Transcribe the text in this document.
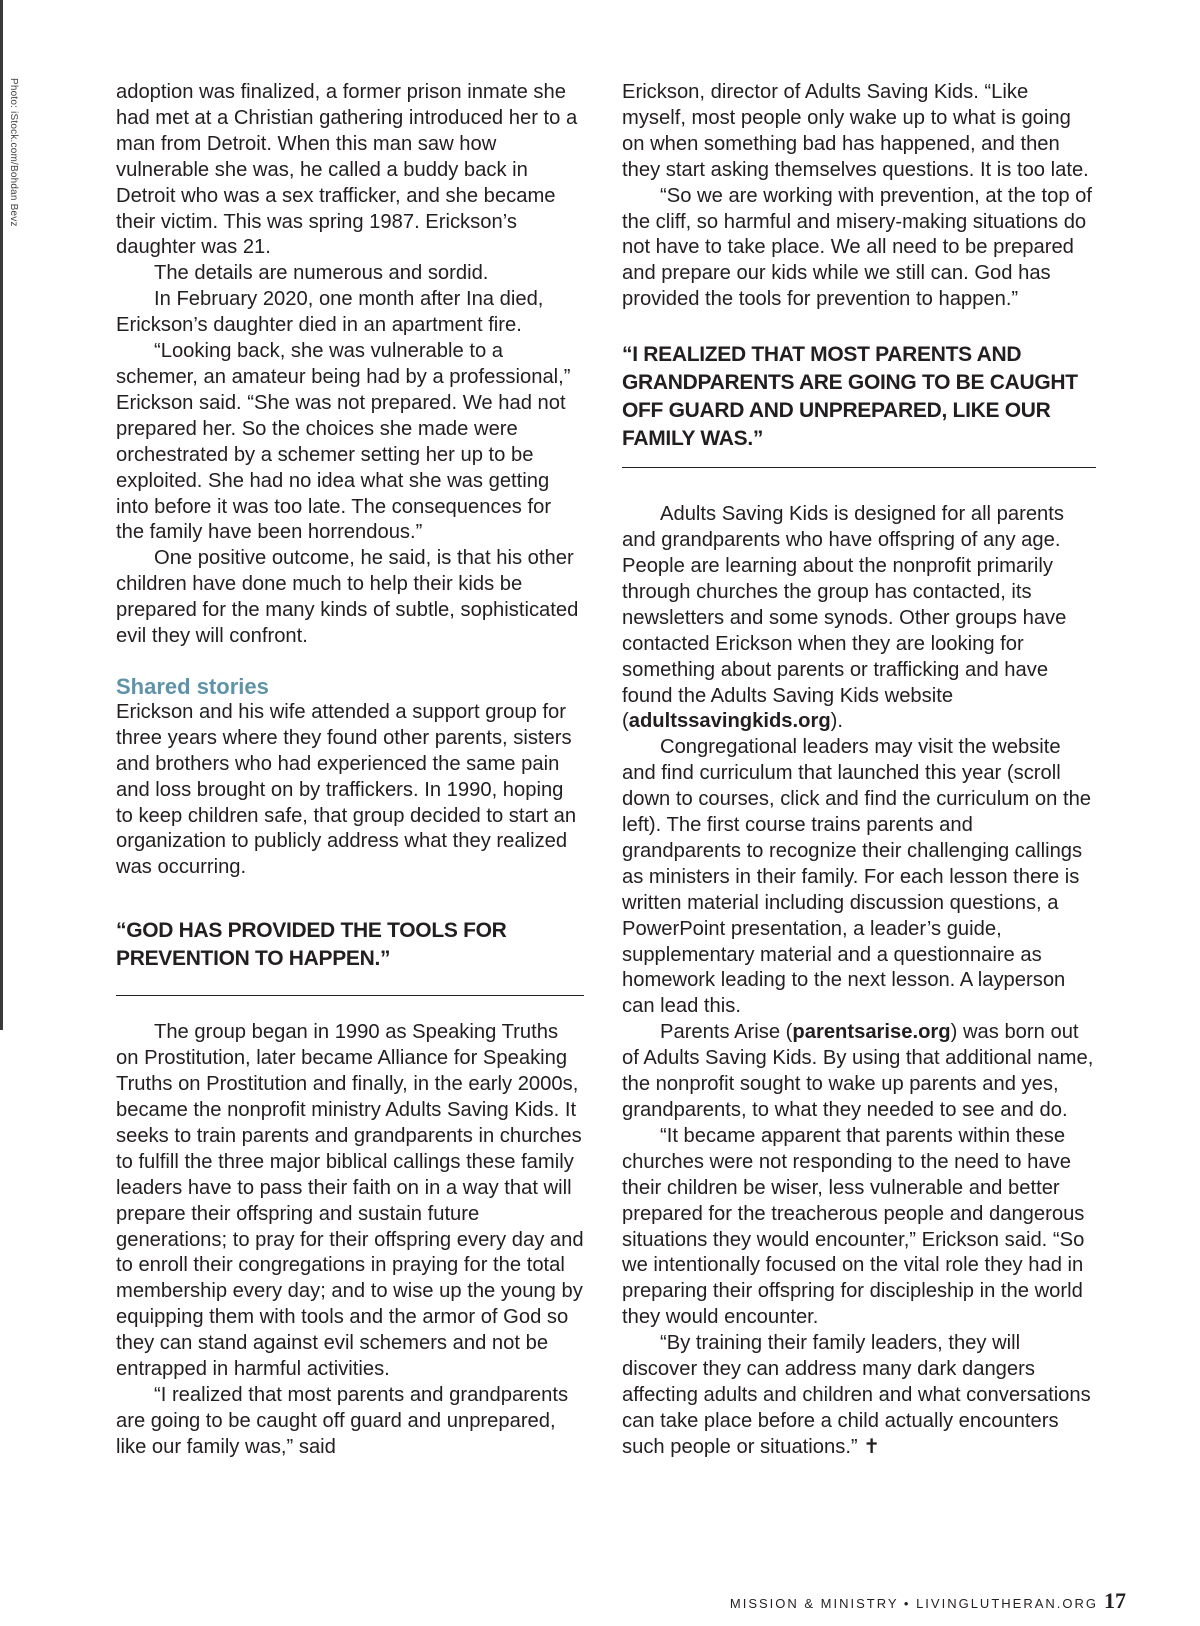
Photo: iStock.com/Bohdan Bevz	adoption was finalized, a former prison inmate she had met at a Christian gathering introduced her to a man from Detroit. When this man saw how vulnerable she was, he called a buddy back in Detroit who was a sex trafficker, and she became their victim. This was spring 1987. Erickson’s daughter was 21.

The details are numerous and sordid.

In February 2020, one month after Ina died, Erickson’s daughter died in an apartment fire.

“Looking back, she was vulnerable to a schemer, an amateur being had by a professional,” Erickson said. “She was not prepared. We had not prepared her. So the choices she made were orchestrated by a schemer setting her up to be exploited. She had no idea what she was getting into before it was too late. The consequences for the family have been horrendous.”

One positive outcome, he said, is that his other children have done much to help their kids be prepared for the many kinds of subtle, sophisticated evil they will confront.

Shared stories

Erickson and his wife attended a support group for three years where they found other parents, sisters and brothers who had experienced the same pain and loss brought on by traffickers. In 1990, hoping to keep children safe, that group decided to start an organization to publicly address what they realized was occurring.

“GOD HAS PROVIDED THE TOOLS FOR PREVENTION TO HAPPEN.”

The group began in 1990 as Speaking Truths on Prostitution, later became Alliance for Speaking Truths on Prostitution and finally, in the early 2000s, became the nonprofit ministry Adults Saving Kids. It seeks to train parents and grandparents in churches to fulfill the three major biblical callings these family leaders have to pass their faith on in a way that will prepare their offspring and sustain future generations; to pray for their offspring every day and to enroll their congregations in praying for the total membership every day; and to wise up the young by equipping them with tools and the armor of God so they can stand against evil schemers and not be entrapped in harmful activities.

“I realized that most parents and grandparents are going to be caught off guard and unprepared, like our family was,” said

Erickson, director of Adults Saving Kids. “Like myself, most people only wake up to what is going on when something bad has happened, and then they start asking themselves questions. It is too late.

“So we are working with prevention, at the top of the cliff, so harmful and misery-making situations do not have to take place. We all need to be prepared and prepare our kids while we still can. God has provided the tools for prevention to happen.”

“I REALIZED THAT MOST PARENTS AND GRANDPARENTS ARE GOING TO BE CAUGHT OFF GUARD AND UNPREPARED, LIKE OUR FAMILY WAS.”

Adults Saving Kids is designed for all parents and grandparents who have offspring of any age. People are learning about the nonprofit primarily through churches the group has contacted, its newsletters and some synods. Other groups have contacted Erickson when they are looking for something about parents or trafficking and have found the Adults Saving Kids website (adultssavingkids.org).

Congregational leaders may visit the website and find curriculum that launched this year (scroll down to courses, click and find the curriculum on the left). The first course trains parents and grandparents to recognize their challenging callings as ministers in their family. For each lesson there is written material including discussion questions, a PowerPoint presentation, a leader’s guide, supplementary material and a questionnaire as homework leading to the next lesson. A layperson can lead this.

Parents Arise (parentsarise.org) was born out of Adults Saving Kids. By using that additional name, the nonprofit sought to wake up parents and yes, grandparents, to what they needed to see and do.

“It became apparent that parents within these churches were not responding to the need to have their children be wiser, less vulnerable and better prepared for the treacherous people and dangerous situations they would encounter,” Erickson said. “So we intentionally focused on the vital role they had in preparing their offspring for discipleship in the world they would encounter.

“By training their family leaders, they will discover they can address many dark dangers affecting adults and children and what conversations can take place before a child actually encounters such people or situations.” ✝

MISSION & MINISTRY • LIVINGLUTHERAN.ORG 17
